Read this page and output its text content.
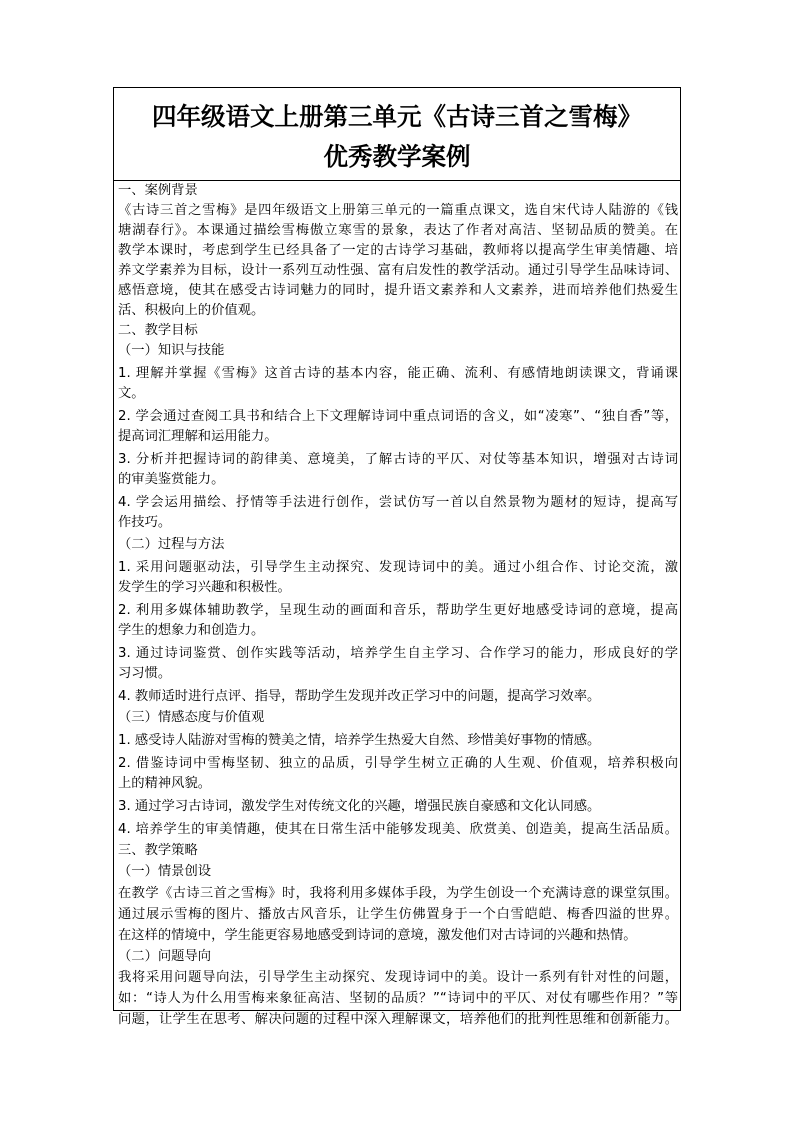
四年级语文上册第三单元《古诗三首之雪梅》
优秀教学案例
一、案例背景
《古诗三首之雪梅》是四年级语文上册第三单元的一篇重点课文，选自宋代诗人陆游的《钱
塘湖春行》。本课通过描绘雪梅傲立寒雪的景象，表达了作者对高洁、坚韧品质的赞美。在
教学本课时，考虑到学生已经具备了一定的古诗学习基础，教师将以提高学生审美情趣、培
养文学素养为目标，设计一系列互动性强、富有启发性的教学活动。通过引导学生品味诗词、
感悟意境，使其在感受古诗词魅力的同时，提升语文素养和人文素养，进而培养他们热爱生
活、积极向上的价值观。
二、教学目标
（一）知识与技能
1. 理解并掌握《雪梅》这首古诗的基本内容，能正确、流利、有感情地朗读课文，背诵课
文。
2. 学会通过查阅工具书和结合上下文理解诗词中重点词语的含义，如“凌寒”、“独自香”等，
提高词汇理解和运用能力。
3. 分析并把握诗词的韵律美、意境美，了解古诗的平仄、对仗等基本知识，增强对古诗词
的审美鉴赏能力。
4. 学会运用描绘、抒情等手法进行创作，尝试仿写一首以自然景物为题材的短诗，提高写
作技巧。
（二）过程与方法
1. 采用问题驱动法，引导学生主动探究、发现诗词中的美。通过小组合作、讨论交流，激
发学生的学习兴趣和积极性。
2. 利用多媒体辅助教学，呈现生动的画面和音乐，帮助学生更好地感受诗词的意境，提高
学生的想象力和创造力。
3. 通过诗词鉴赏、创作实践等活动，培养学生自主学习、合作学习的能力，形成良好的学
习习惯。
4. 教师适时进行点评、指导，帮助学生发现并改正学习中的问题，提高学习效率。
（三）情感态度与价值观
1. 感受诗人陆游对雪梅的赞美之情，培养学生热爱大自然、珍惜美好事物的情感。
2. 借鉴诗词中雪梅坚韧、独立的品质，引导学生树立正确的人生观、价值观，培养积极向
上的精神风貌。
3. 通过学习古诗词，激发学生对传统文化的兴趣，增强民族自豪感和文化认同感。
4. 培养学生的审美情趣，使其在日常生活中能够发现美、欣赏美、创造美，提高生活品质。
三、教学策略
（一）情景创设
在教学《古诗三首之雪梅》时，我将利用多媒体手段，为学生创设一个充满诗意的课堂氛围。
通过展示雪梅的图片、播放古风音乐，让学生仿佛置身于一个白雪皑皑、梅香四溢的世界。
在这样的情境中，学生能更容易地感受到诗词的意境，激发他们对古诗词的兴趣和热情。
（二）问题导向
我将采用问题导向法，引导学生主动探究、发现诗词中的美。设计一系列有针对性的问题，
如：“诗人为什么用雪梅来象征高洁、坚韧的品质？”“诗词中的平仄、对仗有哪些作用？”等
问题，让学生在思考、解决问题的过程中深入理解课文，培养他们的批判性思维和创新能力。
